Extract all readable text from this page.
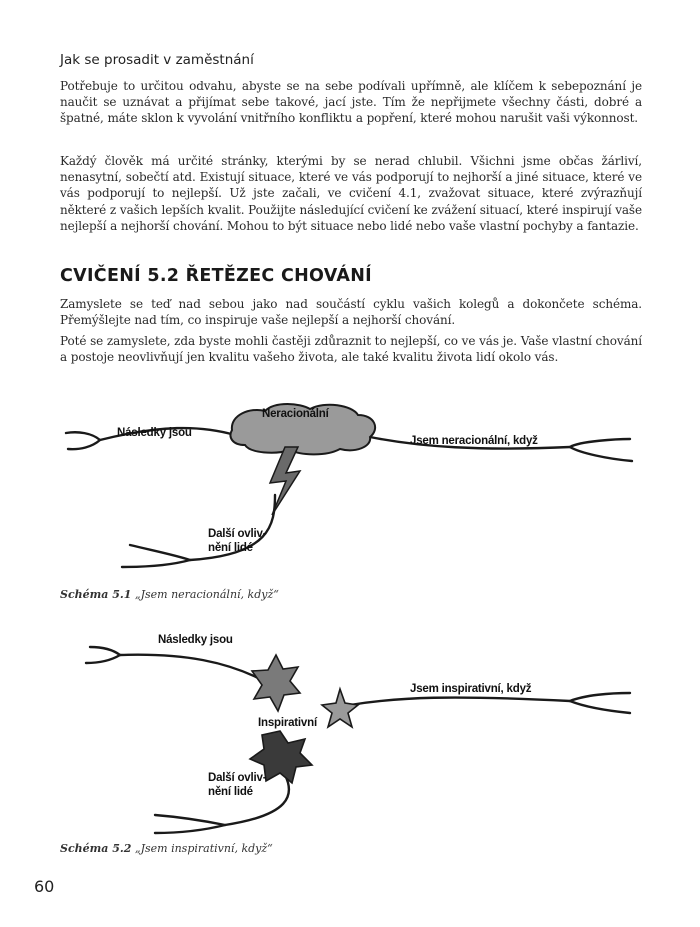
Jak se prosadit v zaměstnání

Potřebuje to určitou odvahu, abyste se na sebe podívali upřímně, ale klíčem k sebepoznání je naučit se uznávat a přijímat sebe takové, jací jste. Tím že nepřijmete všechny části, dobré a špatné, máte sklon k vyvolání vnitřního konfliktu a popření, které mohou narušit vaši výkonnost.

Každý člověk má určité stránky, kterými by se nerad chlubil. Všichni jsme občas žárliví, nenasytní, sobečtí atd. Existují situace, které ve vás podporují to nejhorší a jiné situace, které ve vás podporují to nejlepší. Už jste začali, ve cvičení 4.1, zvažovat situace, které zvýrazňují některé z vašich lepších kvalit. Použijte následující cvičení ke zvážení situací, které inspirují vaše nejlepší a nejhorší chování. Mohou to být situace nebo lidé nebo vaše vlastní pochyby a fantazie.

CVIČENÍ 5.2 ŘETĚZEC CHOVÁNÍ

Zamyslete se teď nad sebou jako nad součástí cyklu vašich kolegů a dokončete schéma. Přemýšlejte nad tím, co inspiruje vaše nejlepší a nejhorší chování.

Poté se zamyslete, zda byste mohli častěji zdůraznit to nejlepší, co ve vás je. Vaše vlastní chování a postoje neovlivňují jen kvalitu vašeho života, ale také kvalitu života lidí okolo vás.

Neracionální
Následky jsou
Jsem neracionální, když
Další ovliv-
nění lidé
Schéma 5.1 „Jsem neracionální, když“
Následky jsou
Jsem inspirativní, když
Inspirativní
Další ovliv-
nění lidé
Schéma 5.2 „Jsem inspirativní, když“
60
